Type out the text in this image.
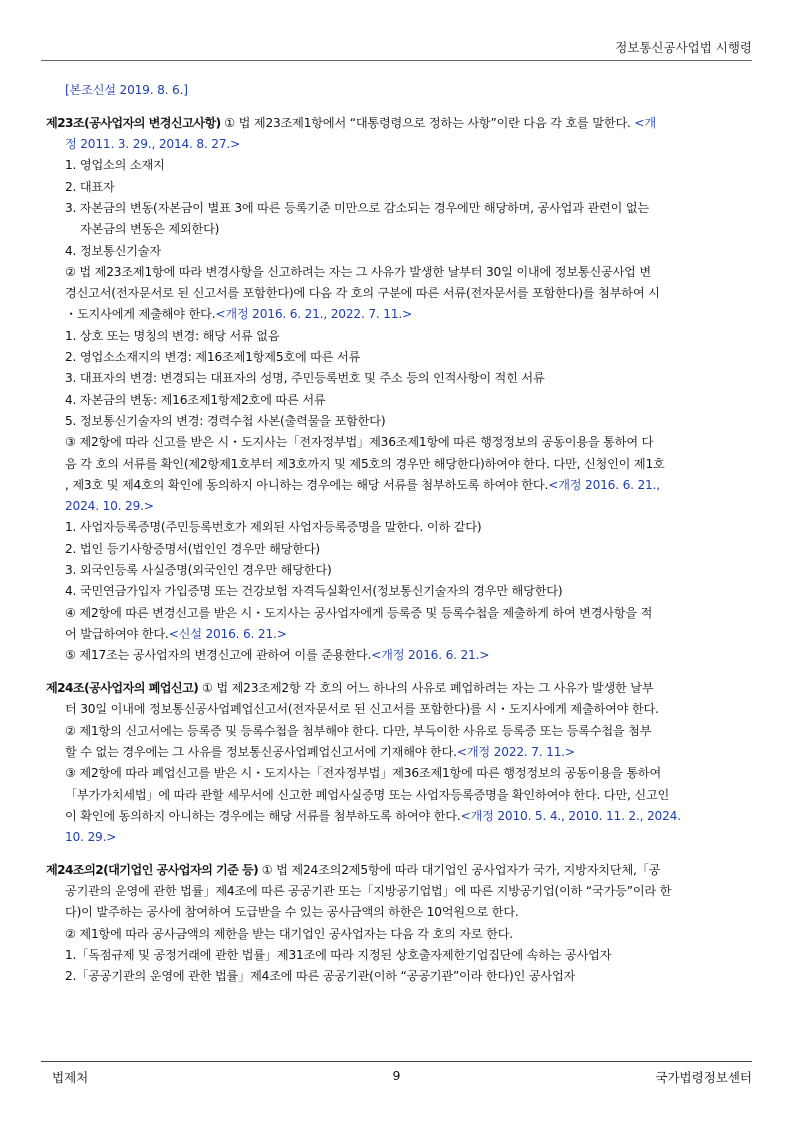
정보통신공사업법 시행령
[본조신설 2019. 8. 6.]
제23조(공사업자의 변경신고사항) ① 법 제23조제1항에서 “대통령령으로 정하는 사항”이란 다음 각 호를 말한다. <개
정 2011. 3. 29., 2014. 8. 27.>
1. 영업소의 소재지
2. 대표자
3. 자본금의 변동(자본금이 별표 3에 따른 등록기준 미만으로 감소되는 경우에만 해당하며, 공사업과 관련이 없는
자본금의 변동은 제외한다)
4. 정보통신기술자
② 법 제23조제1항에 따라 변경사항을 신고하려는 자는 그 사유가 발생한 날부터 30일 이내에 정보통신공사업 변
경신고서(전자문서로 된 신고서를 포함한다)에 다음 각 호의 구분에 따른 서류(전자문서를 포함한다)를 첨부하여 시
・도지사에게 제출해야 한다.<개정 2016. 6. 21., 2022. 7. 11.>
1. 상호 또는 명칭의 변경: 해당 서류 없음
2. 영업소소재지의 변경: 제16조제1항제5호에 따른 서류
3. 대표자의 변경: 변경되는 대표자의 성명, 주민등록번호 및 주소 등의 인적사항이 적힌 서류
4. 자본금의 변동: 제16조제1항제2호에 따른 서류
5. 정보통신기술자의 변경: 경력수첩 사본(출력물을 포함한다)
③ 제2항에 따라 신고를 받은 시・도지사는「전자정부법」제36조제1항에 따른 행정정보의 공동이용을 통하여 다
음 각 호의 서류를 확인(제2항제1호부터 제3호까지 및 제5호의 경우만 해당한다)하여야 한다. 다만, 신청인이 제1호
, 제3호 및 제4호의 확인에 동의하지 아니하는 경우에는 해당 서류를 첨부하도록 하여야 한다.<개정 2016. 6. 21.,
2024. 10. 29.>
1. 사업자등록증명(주민등록번호가 제외된 사업자등록증명을 말한다. 이하 같다)
2. 법인 등기사항증명서(법인인 경우만 해당한다)
3. 외국인등록 사실증명(외국인인 경우만 해당한다)
4. 국민연금가입자 가입증명 또는 건강보험 자격득실확인서(정보통신기술자의 경우만 해당한다)
④ 제2항에 따른 변경신고를 받은 시・도지사는 공사업자에게 등록증 및 등록수첩을 제출하게 하여 변경사항을 적
어 발급하여야 한다.<신설 2016. 6. 21.>
⑤ 제17조는 공사업자의 변경신고에 관하여 이를 준용한다.<개정 2016. 6. 21.>
제24조(공사업자의 폐업신고) ① 법 제23조제2항 각 호의 어느 하나의 사유로 폐업하려는 자는 그 사유가 발생한 날부
터 30일 이내에 정보통신공사업폐업신고서(전자문서로 된 신고서를 포함한다)를 시・도지사에게 제출하여야 한다.
② 제1항의 신고서에는 등록증 및 등록수첩을 첨부해야 한다. 다만, 부득이한 사유로 등록증 또는 등록수첩을 첨부
할 수 없는 경우에는 그 사유를 정보통신공사업폐업신고서에 기재해야 한다.<개정 2022. 7. 11.>
③ 제2항에 따라 폐업신고를 받은 시・도지사는「전자정부법」제36조제1항에 따른 행정정보의 공동이용을 통하여
「부가가치세법」에 따라 관할 세무서에 신고한 폐업사실증명 또는 사업자등록증명을 확인하여야 한다. 다만, 신고인
이 확인에 동의하지 아니하는 경우에는 해당 서류를 첨부하도록 하여야 한다.<개정 2010. 5. 4., 2010. 11. 2., 2024.
10. 29.>
제24조의2(대기업인 공사업자의 기준 등) ① 법 제24조의2제5항에 따라 대기업인 공사업자가 국가, 지방자치단체,「공
공기관의 운영에 관한 법률」제4조에 따른 공공기관 또는「지방공기업법」에 따른 지방공기업(이하 “국가등”이라 한
다)이 발주하는 공사에 참여하여 도급받을 수 있는 공사금액의 하한은 10억원으로 한다.
② 제1항에 따라 공사금액의 제한을 받는 대기업인 공사업자는 다음 각 호의 자로 한다.
1.「독점규제 및 공정거래에 관한 법률」제31조에 따라 지정된 상호출자제한기업집단에 속하는 공사업자
2.「공공기관의 운영에 관한 법률」제4조에 따른 공공기관(이하 “공공기관”이라 한다)인 공사업자
법제처	9	국가법령정보센터
